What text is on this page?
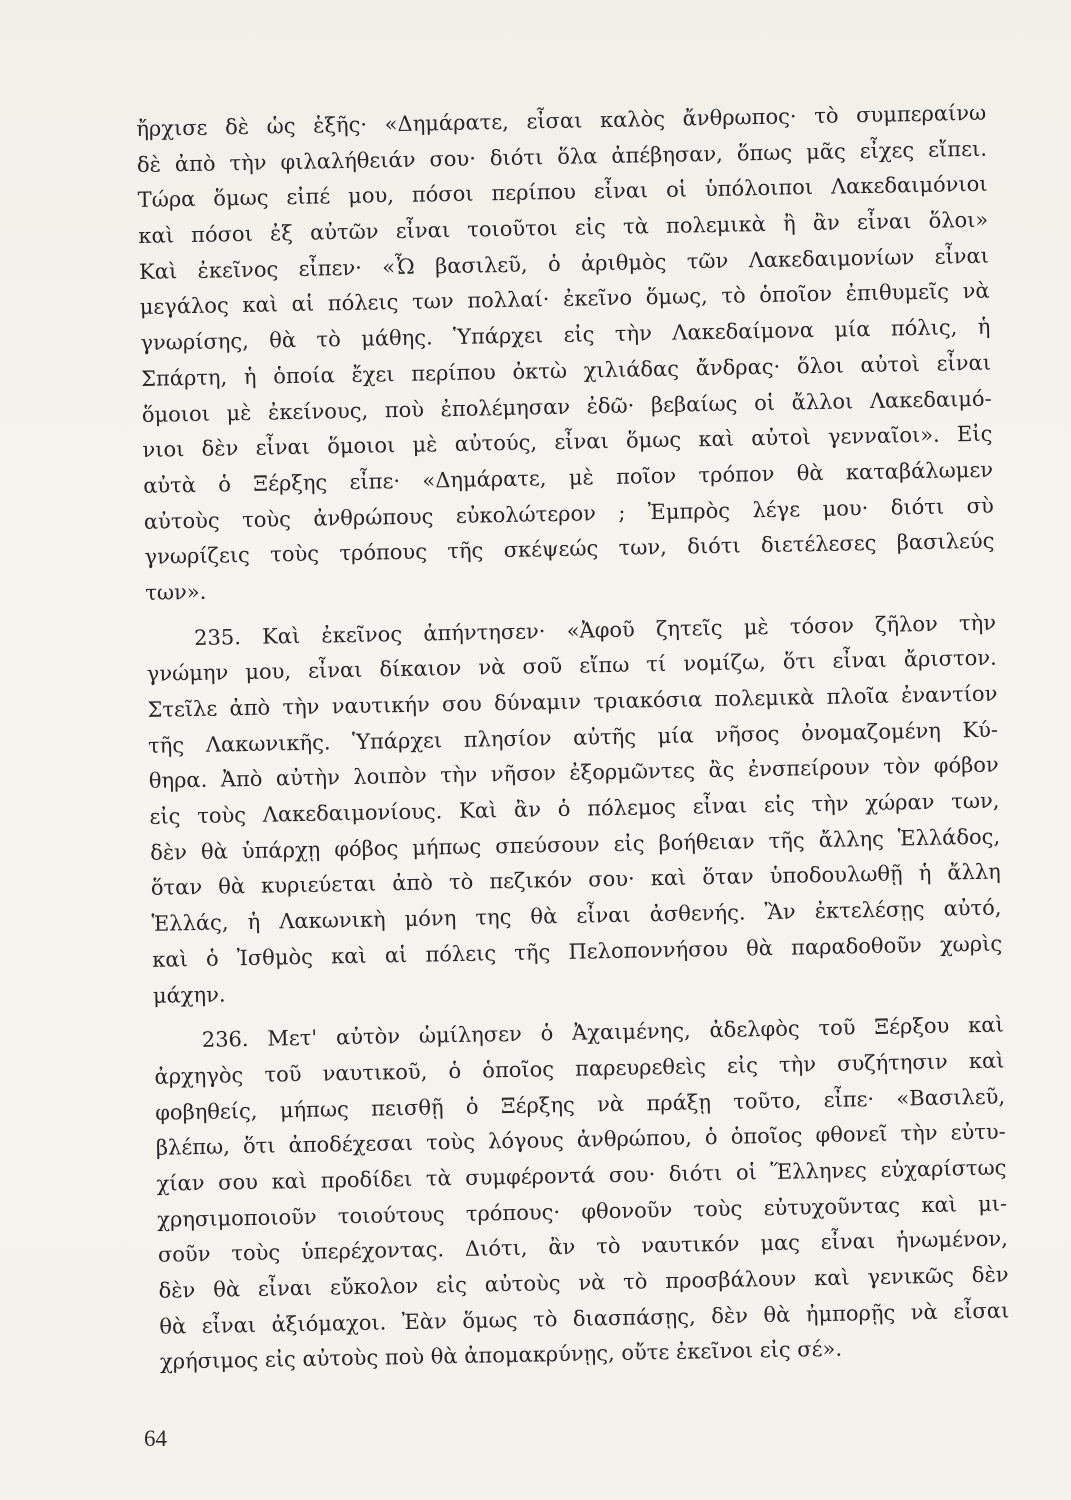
ἤρχισε δὲ ὡς ἑξῆς· «Δημάρατε, εἶσαι καλὸς ἄνθρωπος· τὸ συμπεραίνω
δὲ ἀπὸ τὴν φιλαλήθειάν σου· διότι ὅλα ἀπέβησαν, ὅπως μᾶς εἶχες εἴπει.
Τώρα ὅμως εἰπέ μου, πόσοι περίπου εἶναι οἱ ὑπόλοιποι Λακεδαιμόνιοι
καὶ πόσοι ἐξ αὐτῶν εἶναι τοιοῦτοι εἰς τὰ πολεμικὰ ἢ ἂν εἶναι ὅλοι»
Καὶ ἐκεῖνος εἶπεν· «Ὦ βασιλεῦ, ὁ ἀριθμὸς τῶν Λακεδαιμονίων εἶναι
μεγάλος καὶ αἱ πόλεις των πολλαί· ἐκεῖνο ὅμως, τὸ ὁποῖον ἐπιθυμεῖς νὰ
γνωρίσης, θὰ τὸ μάθης. Ὑπάρχει εἰς τὴν Λακεδαίμονα μία πόλις, ἡ
Σπάρτη, ἡ ὁποία ἔχει περίπου ὀκτὼ χιλιάδας ἄνδρας· ὅλοι αὐτοὶ εἶναι
ὅμοιοι μὲ ἐκείνους, ποὺ ἐπολέμησαν ἐδῶ· βεβαίως οἱ ἄλλοι Λακεδαιμό-
νιοι δὲν εἶναι ὅμοιοι μὲ αὐτούς, εἶναι ὅμως καὶ αὐτοὶ γενναῖοι». Εἰς
αὐτὰ ὁ Ξέρξης εἶπε· «Δημάρατε, μὲ ποῖον τρόπον θὰ καταβάλωμεν
αὐτοὺς τοὺς ἀνθρώπους εὐκολώτερον ; Ἐμπρὸς λέγε μου· διότι σὺ
γνωρίζεις τοὺς τρόπους τῆς σκέψεώς των, διότι διετέλεσες βασιλεύς
των».
235. Καὶ ἐκεῖνος ἀπήντησεν· «Ἀφοῦ ζητεῖς μὲ τόσον ζῆλον τὴν
γνώμην μου, εἶναι δίκαιον νὰ σοῦ εἴπω τί νομίζω, ὅτι εἶναι ἄριστον.
Στεῖλε ἀπὸ τὴν ναυτικήν σου δύναμιν τριακόσια πολεμικὰ πλοῖα ἐναντίον
τῆς Λακωνικῆς. Ὑπάρχει πλησίον αὐτῆς μία νῆσος ὀνομαζομένη Κύ-
θηρα. Ἀπὸ αὐτὴν λοιπὸν τὴν νῆσον ἐξορμῶντες ἂς ἐνσπείρουν τὸν φόβον
εἰς τοὺς Λακεδαιμονίους. Καὶ ἂν ὁ πόλεμος εἶναι εἰς τὴν χώραν των,
δὲν θὰ ὑπάρχῃ φόβος μήπως σπεύσουν εἰς βοήθειαν τῆς ἄλλης Ἑλλάδος,
ὅταν θὰ κυριεύεται ἀπὸ τὸ πεζικόν σου· καὶ ὅταν ὑποδουλωθῇ ἡ ἄλλη
Ἑλλάς, ἡ Λακωνικὴ μόνη της θὰ εἶναι ἀσθενής. Ἂν ἐκτελέσῃς αὐτό,
καὶ ὁ Ἰσθμὸς καὶ αἱ πόλεις τῆς Πελοποννήσου θὰ παραδοθοῦν χωρὶς
μάχην.
236. Μετ' αὐτὸν ὡμίλησεν ὁ Ἀχαιμένης, ἀδελφὸς τοῦ Ξέρξου καὶ
ἀρχηγὸς τοῦ ναυτικοῦ, ὁ ὁποῖος παρευρεθεὶς εἰς τὴν συζήτησιν καὶ
φοβηθείς, μήπως πεισθῇ ὁ Ξέρξης νὰ πράξῃ τοῦτο, εἶπε· «Βασιλεῦ,
βλέπω, ὅτι ἀποδέχεσαι τοὺς λόγους ἀνθρώπου, ὁ ὁποῖος φθονεῖ τὴν εὐτυ-
χίαν σου καὶ προδίδει τὰ συμφέροντά σου· διότι οἱ Ἕλληνες εὐχαρίστως
χρησιμοποιοῦν τοιούτους τρόπους· φθονοῦν τοὺς εὐτυχοῦντας καὶ μι-
σοῦν τοὺς ὑπερέχοντας. Διότι, ἂν τὸ ναυτικόν μας εἶναι ἡνωμένον,
δὲν θὰ εἶναι εὔκολον εἰς αὐτοὺς νὰ τὸ προσβάλουν καὶ γενικῶς δὲν
θὰ εἶναι ἀξιόμαχοι. Ἐὰν ὅμως τὸ διασπάσῃς, δὲν θὰ ἠμπορῇς νὰ εἶσαι
χρήσιμος εἰς αὐτοὺς ποὺ θὰ ἀπομακρύνῃς, οὔτε ἐκεῖνοι εἰς σέ».
64
